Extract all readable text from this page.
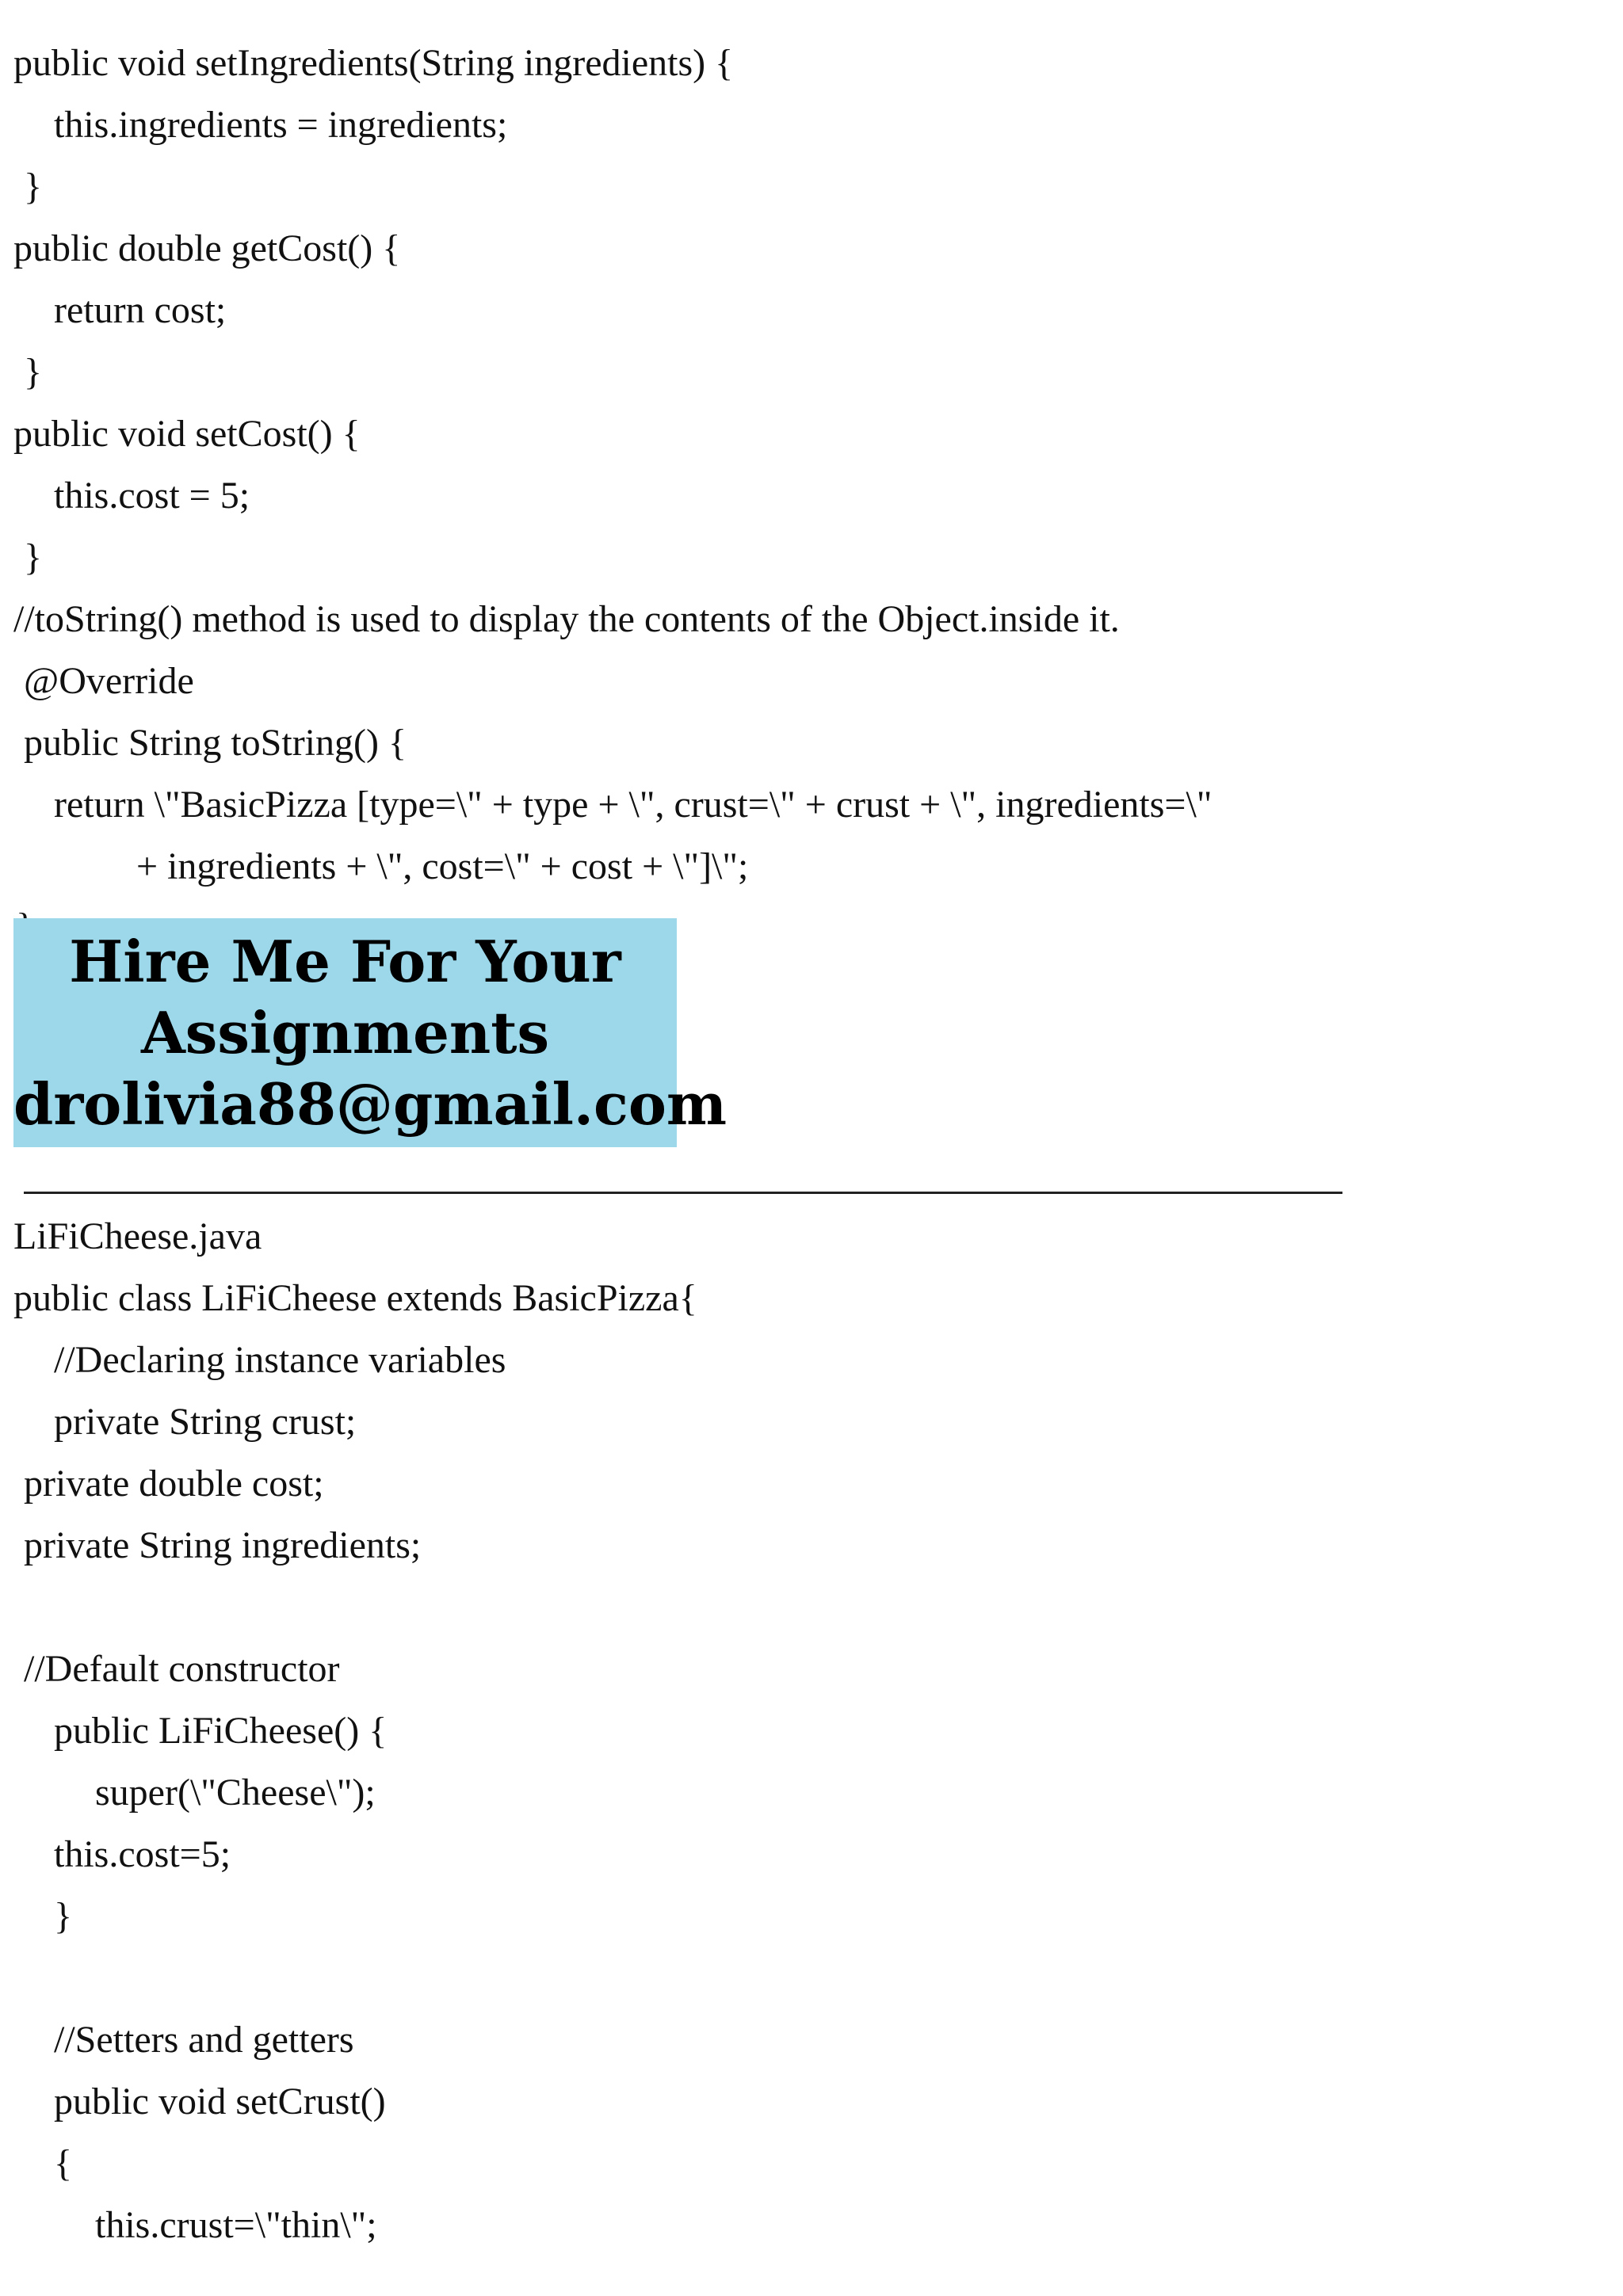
public void setIngredients(String ingredients) {
this.ingredients = ingredients;
}
public double getCost() {
return cost;
}
public void setCost() {
this.cost = 5;
}
//toString() method is used to display the contents of the Object.inside it.
@Override
public String toString() {
return \"BasicPizza [type=\" + type + \", crust=\" + crust + \", ingredients=\"
+ ingredients + \", cost=\" + cost + \"]\";
Hire Me For Your
Assignments
drolivia88@gmail.com
LiFiCheese.java
public class LiFiCheese extends BasicPizza{
//Declaring instance variables
private String crust;
private double cost;
private String ingredients;
//Default constructor
public LiFiCheese() {
super(\"Cheese\");
this.cost=5;
}
//Setters and getters
public void setCrust()
{
this.crust=\"thin\";
